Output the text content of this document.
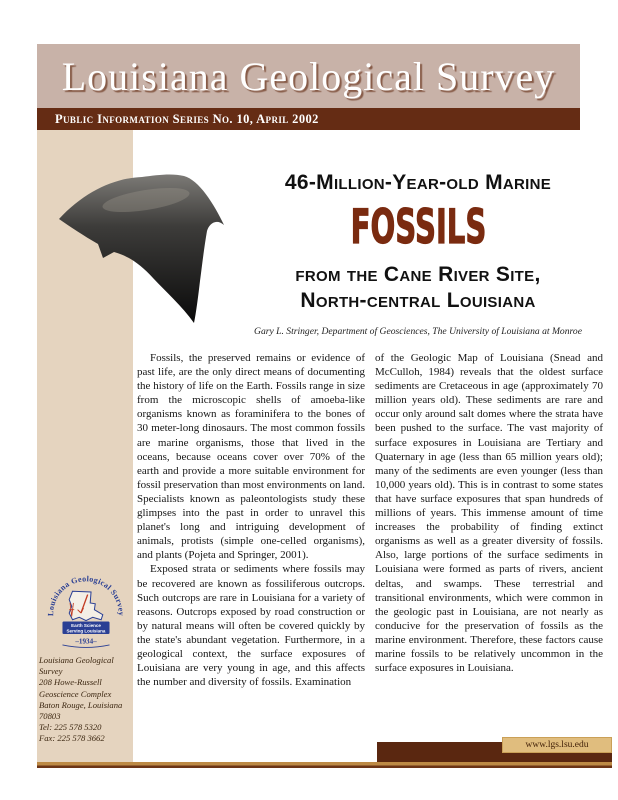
Louisiana Geological Survey
Public Information Series No. 10, April 2002
46-Million-Year-old Marine
FOSSILS
from the Cane River Site,
North-central Louisiana
Gary L. Stringer, Department of Geosciences, The University of Louisiana at Monroe

Fossils, the preserved remains or evidence of past life, are the only direct means of documenting the history of life on the Earth. Fossils range in size from the microscopic shells of amoeba-like organisms known as foraminifera to the bones of 30 meter-long dinosaurs. The most common fossils are marine organisms, those that lived in the oceans, because oceans cover over 70% of the earth and provide a more suitable environment for fossil preservation than most environments on land. Specialists known as paleontologists study these glimpses into the past in order to unravel this planet's long and intriguing development of animals, protists (simple one-celled organisms), and plants (Pojeta and Springer, 2001).

Exposed strata or sediments where fossils may be recovered are known as fossiliferous outcrops. Such outcrops are rare in Louisiana for a variety of reasons. Outcrops exposed by road construction or by natural means will often be covered quickly by the state's abundant vegetation. Furthermore, in a geological context, the surface exposures of Louisiana are very young in age, and this affects the number and diversity of fossils. Examination

of the Geologic Map of Louisiana (Snead and McCulloh, 1984) reveals that the oldest surface sediments are Cretaceous in age (approximately 70 million years old). These sediments are rare and occur only around salt domes where the strata have been pushed to the surface. The vast majority of surface exposures in Louisiana are Tertiary and Quaternary in age (less than 65 million years old); many of the sediments are even younger (less than 10,000 years old). This is in contrast to some states that have surface exposures that span hundreds of millions of years. This immense amount of time increases the probability of finding extinct organisms as well as a greater diversity of fossils. Also, large portions of the surface sediments in Louisiana were formed as parts of rivers, ancient deltas, and swamps. These terrestrial and transitional environments, which were common in the geologic past in Louisiana, are not nearly as conducive for the preservation of fossils as the marine environment. Therefore, these factors cause marine fossils to be relatively uncommon in the surface exposures in Louisiana.

Louisiana Geological Survey
Earth Science
Serving Louisiana
–1934–
Louisiana Geological Survey
208 Howe-Russell
Geoscience Complex
Baton Rouge, Louisiana
70803
Tel: 225 578 5320
Fax: 225 578 3662
www.lgs.lsu.edu
